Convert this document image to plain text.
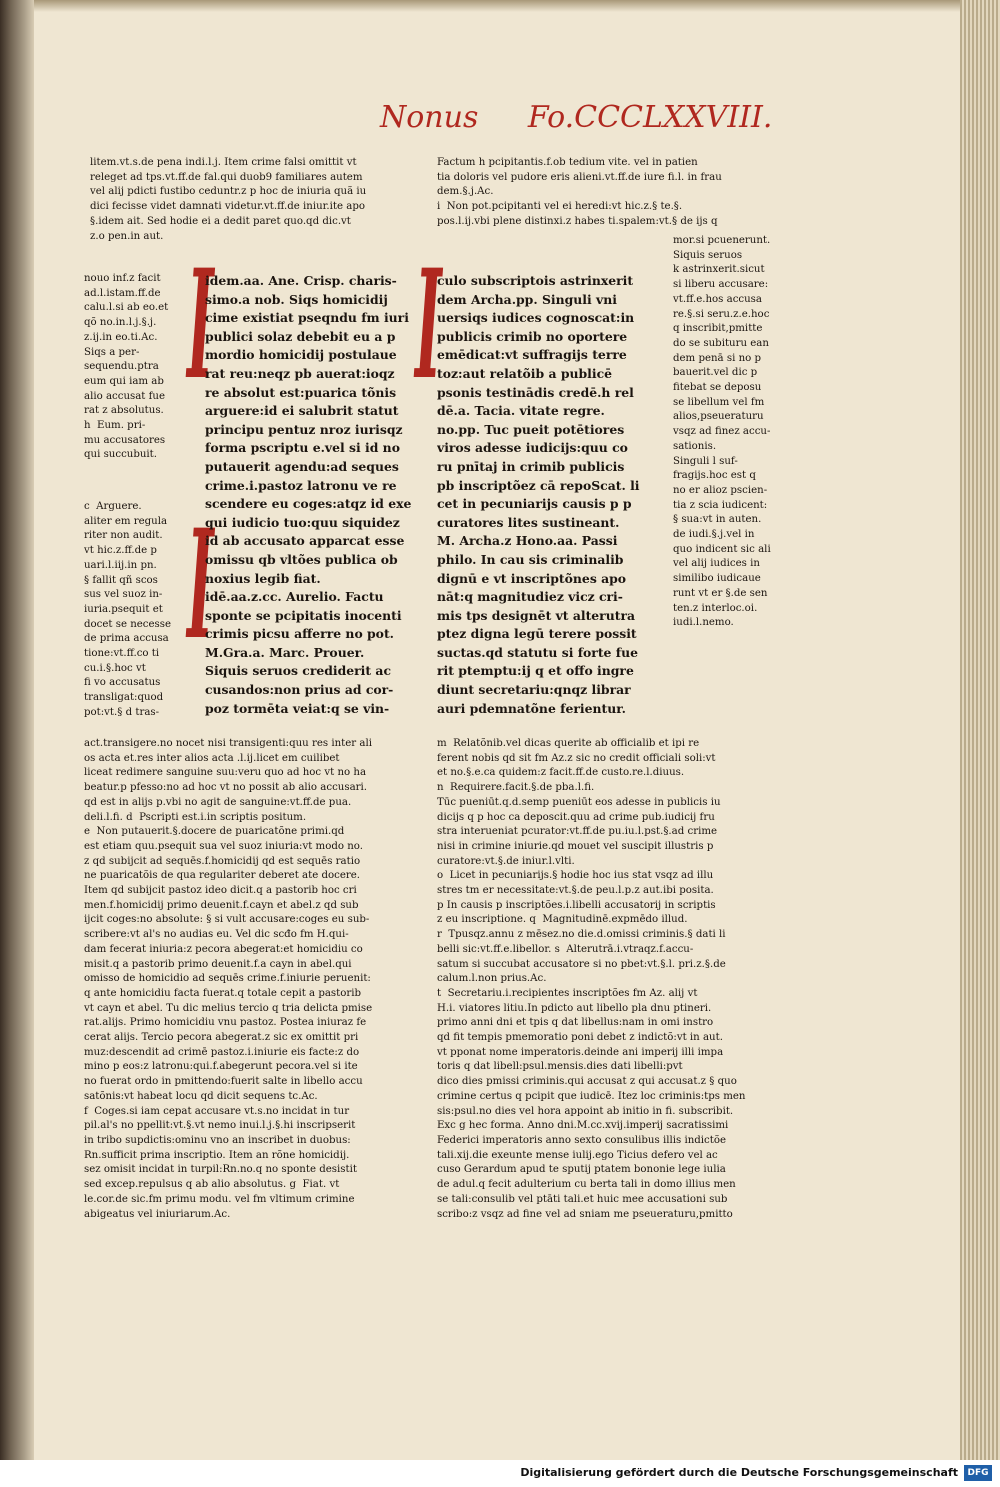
Nonus Fo.CCCLXXVIII.
litem.vt.s.de pena indi.l.j. Item crime falsi omittit vt
releget ad tps.vt.ff.de fal.qui duob9 familiares autem
vel alij pdicti fustibo ceduntr.z p hoc de iniuria quã iu
dici fecisse videt damnati videtur.vt.ff.de iniur.ite apo
§.idem ait. Sed hodie ei a dedit paret quo.qd dic.vt
z.o pen.in aut.
Factum h pcipitantis.f.ob tedium vite. vel in patien
tia doloris vel pudore eris alieni.vt.ff.de iure fi.l. in frau
dem.§.j.Ac.
i  Non pot.pcipitanti vel ei heredi:vt hic.z.§ te.§.
pos.l.ij.vbi plene distinxi.z habes ti.spalem:vt.§ de ijs q
nouo inf.z facit
ad.l.istam.ff.de
calu.l.si ab eo.et
qõ no.in.l.j.§.j.
z.ij.in eo.ti.Ac.
Siqs a per-
sequendu.ptra
eum qui iam ab
alio accusat fue
rat z absolutus.
h  Eum. pri-
mu accusatores
qui succubuit.
c  Arguere.
aliter em regula
riter non audit.
vt hic.z.ff.de p
uari.l.iij.in pn.
§ fallit qñ scos
sus vel suoz in-
iuria.psequit et
docet se necesse
de prima accusa
tione:vt.ff.co ti
cu.i.§.hoc vt
fi vo accusatus
transligat:quod
pot:vt.§ d tras-
I
I
I
idem.aa. Ane. Crisp. charis-
simo.a nob. Siqs homicidij
cime existiat pseqndu fm iuri
publici solaz debebit eu a p
mordio homicidij postulaue
rat reu:neqz pb auerat:ioqz
re absolut est:puarica tõnis
arguere:id ei salubrit statut
principu pentuz nroz iurisqz
forma pscriptu e.vel si id no
putauerit agendu:ad seques
crime.i.pastoz latronu ve re
scendere eu coges:atqz id exe
qui iudicio tuo:quu siquidez
id ab accusato apparcat esse
omissu qb vltões publica ob
noxius legib fiat.
idē.aa.z.cc. Aurelio. Factu
sponte se pcipitatis inocenti
crimis picsu afferre no pot.
M.Gra.a. Marc. Prouer.
Siquis seruos crediderit ac
cusandos:non prius ad cor-
poz tormēta veiat:q se vin-
culo subscriptois astrinxerit
dem Archa.pp. Singuli vni
uersiqs iudices cognoscat:in
publicis crimib no oportere
emēdicat:vt suffragijs terre
toz:aut relatõib a publicē
psonis testinādis credē.h rel
dē.a. Tacia. vitate regre.
no.pp. Tuc pueit potētiores
viros adesse iudicijs:quu co
ru pnītaj in crimib publicis
pb inscriptõez cā repoScat. li
cet in pecuniarijs causis p p
curatores lites sustineant.
M. Archa.z Hono.aa. Passi
philo. In cau sis criminalib
dignū e vt inscriptõnes apo
nāt:q magnitudiez vicz cri-
mis tps designēt vt alterutra
ptez digna legū terere possit
suctas.qd statutu si forte fue
rit ptemptu:ij q et offo ingre
diunt secretariu:qnqz librar
auri pdemnatõne ferientur.
mor.si pcuenerunt.
Siquis seruos
k astrinxerit.sicut
si liberu accusare:
vt.ff.e.hos accusa
re.§.si seru.z.e.hoc
q inscribit,pmitte
do se subituru ean
dem penā si no p
bauerit.vel dic p
fitebat se deposu
se libellum vel fm
alios,pseueraturu
vsqz ad finez accu-
sationis.
Singuli l suf-
fragijs.hoc est q
no er alioz pscien-
tia z scia iudicent:
§ sua:vt in auten.
de iudi.§.j.vel in
quo indicent sic ali
vel alij iudices in
similibo iudicaue
runt vt er §.de sen
ten.z interloc.oi.
iudi.l.nemo.
act.transigere.no nocet nisi transigenti:quu res inter ali
os acta et.res inter alios acta .l.ij.licet em cuilibet
liceat redimere sanguine suu:veru quo ad hoc vt no ha
beatur.p pfesso:no ad hoc vt no possit ab alio accusari.
qd est in alijs p.vbi no agit de sanguine:vt.ff.de pua.
deli.l.fi. d  Pscripti est.i.in scriptis positum.
e  Non putauerit.§.docere de puaricatõne primi.qd
est etiam quu.psequit sua vel suoz iniuria:vt modo no.
z qd subijcit ad sequēs.f.homicidij qd est sequēs ratio
ne puaricatõis de qua regulariter deberet ate docere.
Item qd subijcit pastoz ideo dicit.q a pastorib hoc cri
men.f.homicidij primo deuenit.f.cayn et abel.z qd sub
ijcit coges:no absolute: § si vult accusare:coges eu sub-
scribere:vt al's no audias eu. Vel dic scđo fm H.qui-
dam fecerat iniuria:z pecora abegerat:et homicidiu co
misit.q a pastorib primo deuenit.f.a cayn in abel.qui
omisso de homicidio ad sequēs crime.f.iniurie peruenit:
q ante homicidiu facta fuerat.q totale cepit a pastorib
vt cayn et abel. Tu dic melius tercio q tria delicta pmise
rat.alijs. Primo homicidiu vnu pastoz. Postea iniuraz fe
cerat alijs. Tercio pecora abegerat.z sic ex omittit pri
muz:descendit ad crimē pastoz.i.iniurie eis facte:z do
mino p eos:z latronu:qui.f.abegerunt pecora.vel si ite
no fuerat ordo in pmittendo:fuerit salte in libello accu
satõnis:vt habeat locu qd dicit sequens tc.Ac.
f  Coges.si iam cepat accusare vt.s.no incidat in tur
pil.al's no ppellit:vt.§.vt nemo inui.l.j.§.hi inscripserit
in tribo supdictis:ominu vno an inscribet in duobus:
Rn.sufficit prima inscriptio. Item an rõne homicidij.
sez omisit incidat in turpil:Rn.no.q no sponte desistit
sed excep.repulsus q ab alio absolutus. g  Fiat. vt
le.cor.de sic.fm primu modu. vel fm vltimum crimine
abigeatus vel iniuriarum.Ac.
m  Relatõnib.vel dicas querite ab officialib et ipi re
ferent nobis qd sit fm Az.z sic no credit officiali soli:vt
et no.§.e.ca quidem:z facit.ff.de custo.re.l.diuus.
n  Requirere.facit.§.de pba.l.fi.
Tūc pueniūt.q.d.semp pueniūt eos adesse in publicis iu
dicijs q p hoc ca deposcit.quu ad crime pub.iudicij fru
stra interueniat pcurator:vt.ff.de pu.iu.l.pst.§.ad crime
nisi in crimine iniurie.qd mouet vel suscipit illustris p
curatore:vt.§.de iniur.l.vlti.
o  Licet in pecuniarijs.§ hodie hoc ius stat vsqz ad illu
stres tm er necessitate:vt.§.de peu.l.p.z aut.ibi posita.
p In causis p inscriptões.i.libelli accusatorij in scriptis
z eu inscriptione. q  Magnitudinē.expmēdo illud.
r  Tpusqz.annu z mēsez.no die.d.omissi criminis.§ dati li
belli sic:vt.ff.e.libellor. s  Alterutrā.i.vtraqz.f.accu-
satum si succubat accusatore si no pbet:vt.§.l. pri.z.§.de
calum.l.non prius.Ac.
t  Secretariu.i.recipientes inscriptões fm Az. alij vt
H.i. viatores litiu.In pdicto aut libello pla dnu ptineri.
primo anni dni et tpis q dat libellus:nam in omi instro
qd fit tempis pmemoratio poni debet z indictõ:vt in aut.
vt pponat nome imperatoris.deinde ani imperij illi impa
toris q dat libell:psul.mensis.dies dati libelli:pvt
dico dies pmissi criminis.qui accusat z qui accusat.z § quo
crimine certus q pcipit que iudicē. Itez loc criminis:tps men
sis:psul.no dies vel hora appoint ab initio in fi. subscribit.
Exc g hec forma. Anno dni.M.cc.xvij.imperij sacratissimi
Federici imperatoris anno sexto consulibus illis indictõe
tali.xij.die exeunte mense iulij.ego Ticius defero vel ac
cuso Gerardum apud te sputij ptatem bononie lege iulia
de adul.q fecit adulterium cu berta tali in domo illius men
se tali:consulib vel ptāti tali.et huic mee accusationi sub
scribo:z vsqz ad fine vel ad sniam me pseueraturu,pmitto
Digitalisierung gefördert durch die Deutsche Forschungsgemeinschaft	DFG
